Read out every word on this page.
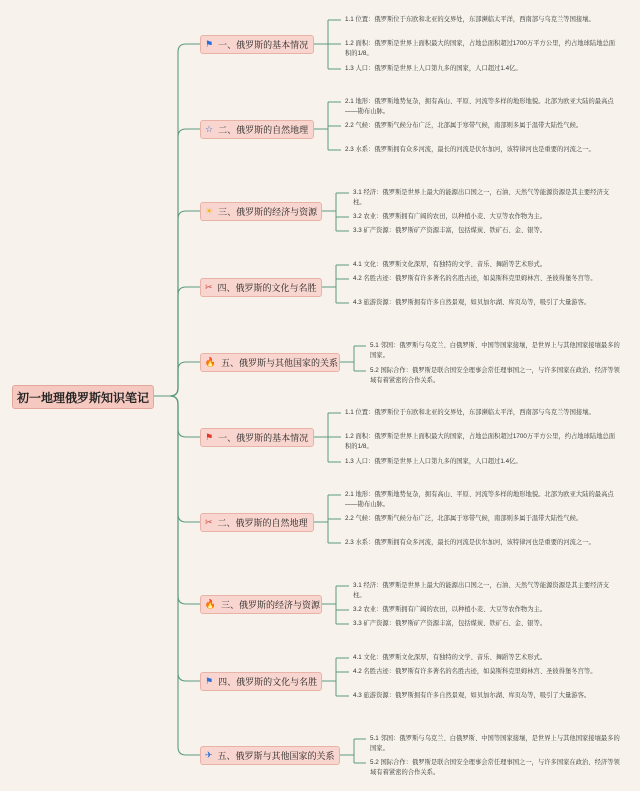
初一地理俄罗斯知识笔记
⚑ 一、俄罗斯的基本情况
1.1 位置：俄罗斯位于东欧和北亚的交界处，东部濒临太平洋，西南部与乌克兰等国接壤。
1.2 面积：俄罗斯是世界上面积最大的国家，占地总面积超过1700万平方公里，约占地球陆地总面积的1/8。
1.3 人口：俄罗斯是世界上人口第九多的国家，人口超过1.4亿。
☆ 二、俄罗斯的自然地理
2.1 地形：俄罗斯地势复杂，拥有高山、平原、河流等多样的地形地貌。北部为欧亚大陆的最高点——勘布山脉。
2.2 气候：俄罗斯气候分布广泛，北部属于寒带气候，南部则多属于温带大陆性气候。
2.3 水系：俄罗斯拥有众多河流，最长的河流是伏尔加河，该特律河也是重要的河流之一。
☀ 三、俄罗斯的经济与资源
3.1 经济：俄罗斯是世界上最大的能源出口国之一，石油、天然气等能源资源是其主要经济支柱。
3.2 农业：俄罗斯拥有广阔的农田，以种植小麦、大豆等农作物为主。
3.3 矿产资源：俄罗斯矿产资源丰富，包括煤炭、铁矿石、金、银等。
✂ 四、俄罗斯的文化与名胜
4.1 文化：俄罗斯文化深厚，有独特的文学、音乐、舞蹈等艺术形式。
4.2 名胜古迹：俄罗斯有许多著名的名胜古迹，如莫斯科克里姆林宫、圣彼得堡冬宫等。
4.3 旅游资源：俄罗斯拥有许多自然景观，如贝加尔湖、库页岛等，吸引了大量游客。
🔥 五、俄罗斯与其他国家的关系
5.1 邻国：俄罗斯与乌克兰、白俄罗斯、中国等国家接壤，是世界上与其他国家接壤最多的国家。
5.2 国际合作：俄罗斯是联合国安全理事会常任理事国之一，与许多国家在政治、经济等领域有着紧密的合作关系。
⚑ 一、俄罗斯的基本情况
1.1 位置：俄罗斯位于东欧和北亚的交界处，东部濒临太平洋，西南部与乌克兰等国接壤。
1.2 面积：俄罗斯是世界上面积最大的国家，占地总面积超过1700万平方公里，约占地球陆地总面积的1/8。
1.3 人口：俄罗斯是世界上人口第九多的国家，人口超过1.4亿。
✂ 二、俄罗斯的自然地理
2.1 地形：俄罗斯地势复杂，拥有高山、平原、河流等多样的地形地貌。北部为欧亚大陆的最高点——勘布山脉。
2.2 气候：俄罗斯气候分布广泛，北部属于寒带气候，南部则多属于温带大陆性气候。
2.3 水系：俄罗斯拥有众多河流，最长的河流是伏尔加河，该特律河也是重要的河流之一。
🔥 三、俄罗斯的经济与资源
3.1 经济：俄罗斯是世界上最大的能源出口国之一，石油、天然气等能源资源是其主要经济支柱。
3.2 农业：俄罗斯拥有广阔的农田，以种植小麦、大豆等农作物为主。
3.3 矿产资源：俄罗斯矿产资源丰富，包括煤炭、铁矿石、金、银等。
⚑ 四、俄罗斯的文化与名胜
4.1 文化：俄罗斯文化深厚，有独特的文学、音乐、舞蹈等艺术形式。
4.2 名胜古迹：俄罗斯有许多著名的名胜古迹，如莫斯科克里姆林宫、圣彼得堡冬宫等。
4.3 旅游资源：俄罗斯拥有许多自然景观，如贝加尔湖、库页岛等，吸引了大量游客。
✈ 五、俄罗斯与其他国家的关系
5.1 邻国：俄罗斯与乌克兰、白俄罗斯、中国等国家接壤，是世界上与其他国家接壤最多的国家。
5.2 国际合作：俄罗斯是联合国安全理事会常任理事国之一，与许多国家在政治、经济等领域有着紧密的合作关系。
